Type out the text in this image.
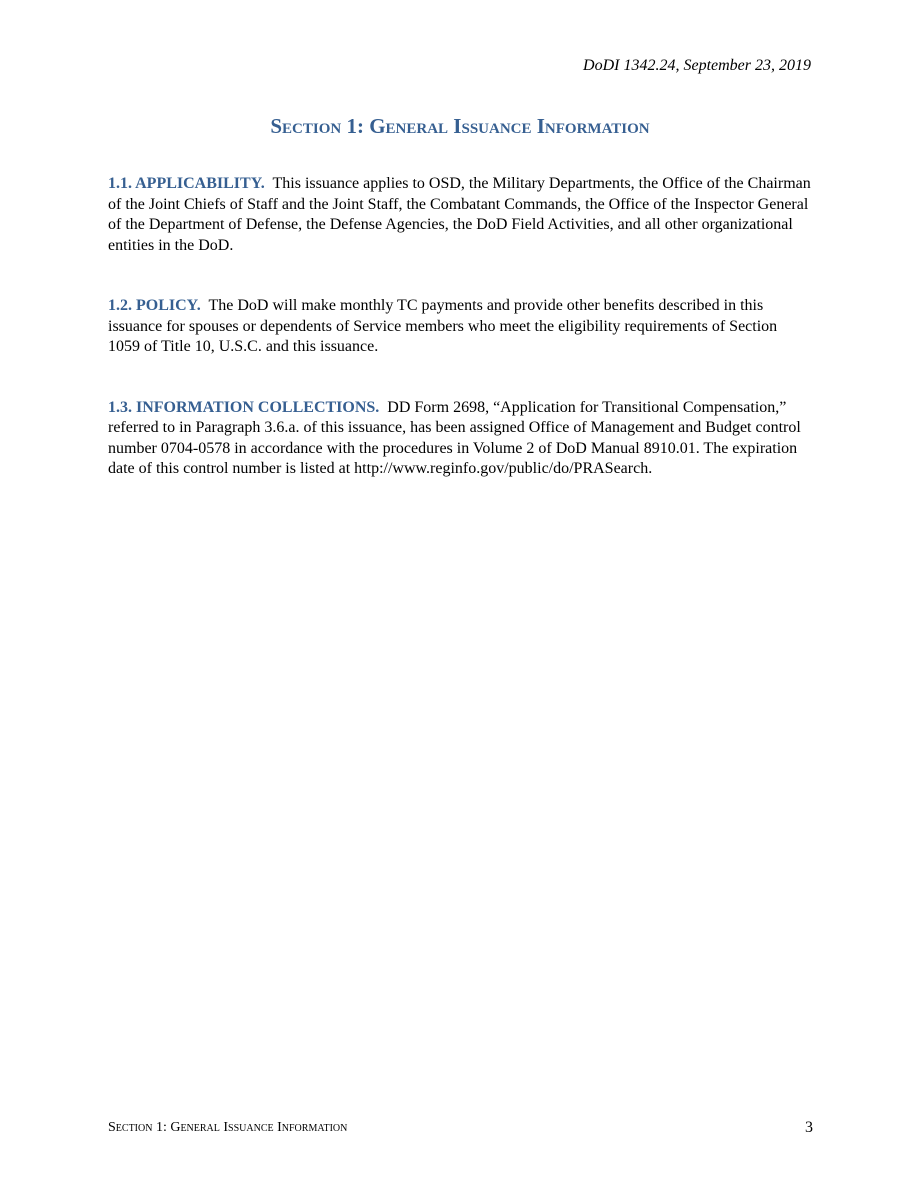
DoDI 1342.24, September 23, 2019
Section 1: General Issuance Information

1.1. APPLICABILITY. This issuance applies to OSD, the Military Departments, the Office of the Chairman of the Joint Chiefs of Staff and the Joint Staff, the Combatant Commands, the Office of the Inspector General of the Department of Defense, the Defense Agencies, the DoD Field Activities, and all other organizational entities in the DoD.

1.2. POLICY. The DoD will make monthly TC payments and provide other benefits described in this issuance for spouses or dependents of Service members who meet the eligibility requirements of Section 1059 of Title 10, U.S.C. and this issuance.

1.3. INFORMATION COLLECTIONS. DD Form 2698, “Application for Transitional Compensation,” referred to in Paragraph 3.6.a. of this issuance, has been assigned Office of Management and Budget control number 0704-0578 in accordance with the procedures in Volume 2 of DoD Manual 8910.01. The expiration date of this control number is listed at http://www.reginfo.gov/public/do/PRASearch.

Section 1: General Issuance Information	3
